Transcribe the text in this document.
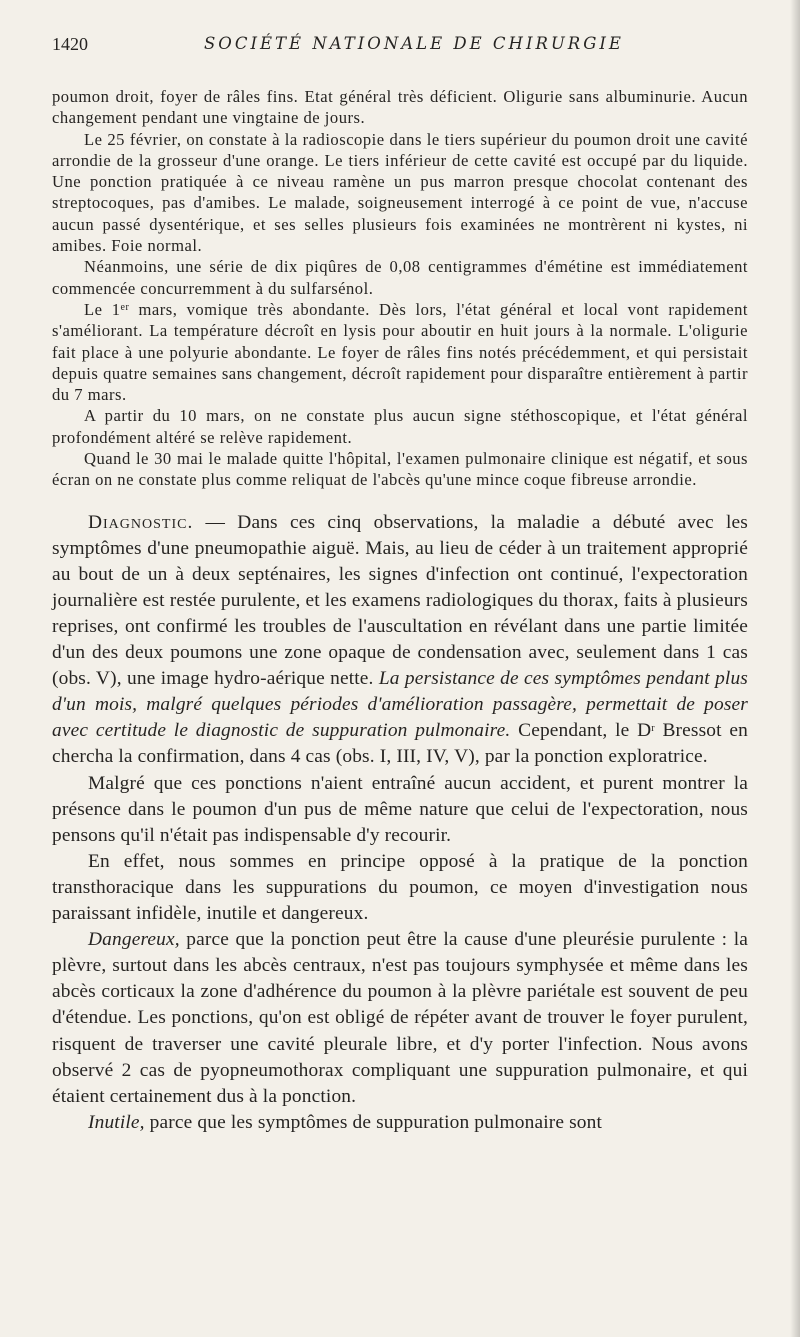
1420	SOCIÉTÉ NATIONALE DE CHIRURGIE

poumon droit, foyer de râles fins. Etat général très déficient. Oligurie sans albuminurie. Aucun changement pendant une vingtaine de jours.

Le 25 février, on constate à la radioscopie dans le tiers supérieur du poumon droit une cavité arrondie de la grosseur d'une orange. Le tiers inférieur de cette cavité est occupé par du liquide. Une ponction pratiquée à ce niveau ramène un pus marron presque chocolat contenant des streptocoques, pas d'amibes. Le malade, soigneusement interrogé à ce point de vue, n'accuse aucun passé dysentérique, et ses selles plusieurs fois examinées ne montrèrent ni kystes, ni amibes. Foie normal.

Néanmoins, une série de dix piqûres de 0,08 centigrammes d'émétine est immédiatement commencée concurremment à du sulfarsénol.

Le 1er mars, vomique très abondante. Dès lors, l'état général et local vont rapidement s'améliorant. La température décroît en lysis pour aboutir en huit jours à la normale. L'oligurie fait place à une polyurie abondante. Le foyer de râles fins notés précédemment, et qui persistait depuis quatre semaines sans changement, décroît rapidement pour disparaître entièrement à partir du 7 mars.

A partir du 10 mars, on ne constate plus aucun signe stéthoscopique, et l'état général profondément altéré se relève rapidement.

Quand le 30 mai le malade quitte l'hôpital, l'examen pulmonaire clinique est négatif, et sous écran on ne constate plus comme reliquat de l'abcès qu'une mince coque fibreuse arrondie.

Diagnostic. — Dans ces cinq observations, la maladie a débuté avec les symptômes d'une pneumopathie aiguë. Mais, au lieu de céder à un traitement approprié au bout de un à deux septénaires, les signes d'infection ont continué, l'expectoration journalière est restée purulente, et les examens radiologiques du thorax, faits à plusieurs reprises, ont confirmé les troubles de l'auscultation en révélant dans une partie limitée d'un des deux poumons une zone opaque de condensation avec, seulement dans 1 cas (obs. V), une image hydro-aérique nette. La persistance de ces symptômes pendant plus d'un mois, malgré quelques périodes d'amélioration passagère, permettait de poser avec certitude le diagnostic de suppuration pulmonaire. Cependant, le $D^r$ Bressot en chercha la confirmation, dans 4 cas (obs. I, III, IV, V), par la ponction exploratrice.

Malgré que ces ponctions n'aient entraîné aucun accident, et purent montrer la présence dans le poumon d'un pus de même nature que celui de l'expectoration, nous pensons qu'il n'était pas indispensable d'y recourir.

En effet, nous sommes en principe opposé à la pratique de la ponction transthoracique dans les suppurations du poumon, ce moyen d'investigation nous paraissant infidèle, inutile et dangereux.

Dangereux, parce que la ponction peut être la cause d'une pleurésie purulente : la plèvre, surtout dans les abcès centraux, n'est pas toujours symphysée et même dans les abcès corticaux la zone d'adhérence du poumon à la plèvre pariétale est souvent de peu d'étendue. Les ponctions, qu'on est obligé de répéter avant de trouver le foyer purulent, risquent de traverser une cavité pleurale libre, et d'y porter l'infection. Nous avons observé 2 cas de pyopneumothorax compliquant une suppuration pulmonaire, et qui étaient certainement dus à la ponction.

Inutile, parce que les symptômes de suppuration pulmonaire sont
